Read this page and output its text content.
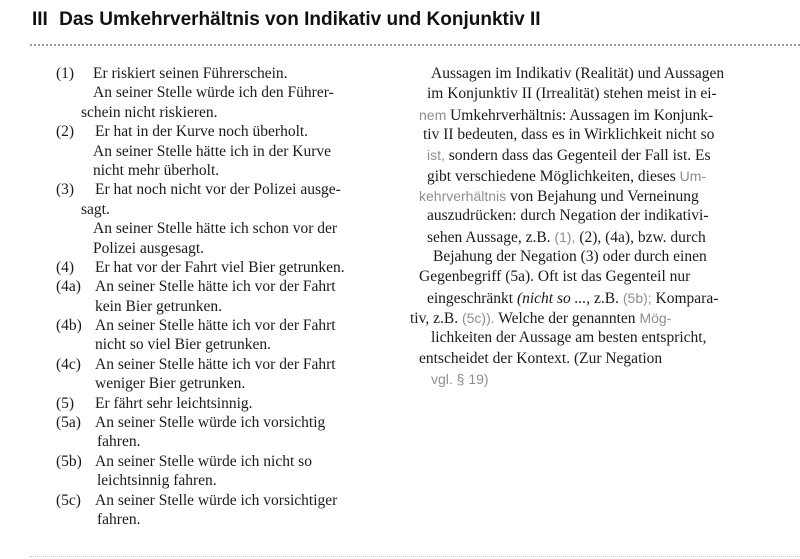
III Das Umkehrverhältnis von Indikativ und Konjunktiv II
(1) Er riskiert seinen Führerschein.
An seiner Stelle würde ich den Führer-
schein nicht riskieren.
(2) Er hat in der Kurve noch überholt.
An seiner Stelle hätte ich in der Kurve
nicht mehr überholt.
(3) Er hat noch nicht vor der Polizei ausge-
sagt.
An seiner Stelle hätte ich schon vor der
Polizei ausgesagt.
(4) Er hat vor der Fahrt viel Bier getrunken.
(4a) An seiner Stelle hätte ich vor der Fahrt
kein Bier getrunken.
(4b) An seiner Stelle hätte ich vor der Fahrt
nicht so viel Bier getrunken.
(4c) An seiner Stelle hätte ich vor der Fahrt
weniger Bier getrunken.
(5) Er fährt sehr leichtsinnig.
(5a) An seiner Stelle würde ich vorsichtig
fahren.
(5b) An seiner Stelle würde ich nicht so
leichtsinnig fahren.
(5c) An seiner Stelle würde ich vorsichtiger
fahren.
Aussagen im Indikativ (Realität) und Aussagen
im Konjunktiv II (Irrealität) stehen meist in ei-
nem Umkehrverhältnis: Aussagen im Konjunk-
tiv II bedeuten, dass es in Wirklichkeit nicht so
ist, sondern dass das Gegenteil der Fall ist. Es
gibt verschiedene Möglichkeiten, dieses Um-
kehrverhältnis von Bejahung und Verneinung
auszudrücken: durch Negation der indikativi-
sehen Aussage, z.B. (1), (2), (4a), bzw. durch
Bejahung der Negation (3) oder durch einen
Gegenbegriff (5a). Oft ist das Gegenteil nur
eingeschränkt (nicht so ..., z.B. (5b); Kompara-
tiv, z.B. (5c)). Welche der genannten Mög-
lichkeiten der Aussage am besten entspricht,
entscheidet der Kontext. (Zur Negation
vgl. § 19)
